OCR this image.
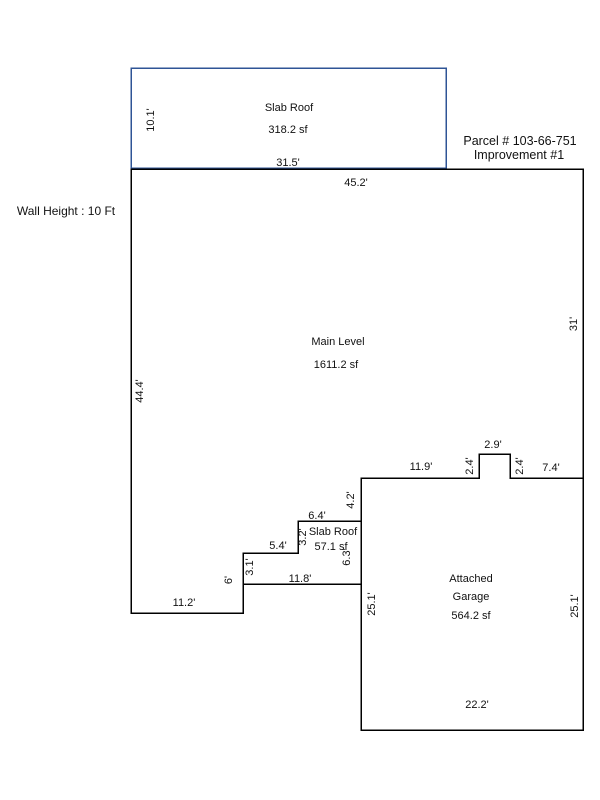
Parcel # 103-66-751
Improvement #1
Wall Height : 10 Ft
Slab Roof
318.2 sf
31.5'
10.1'
45.2'
Main Level
1611.2 sf
44.4'
31'
11.2'
6'
4.2'
6.4'
Slab Roof
3.2'
5.4'	57.1 sf
6.3'
3.1'
11.8'
11.9'	2.4'
2.9'
2.4' 7.4'
Attached
Garage
564.2 sf
25.1'	25.1'
22.2'
